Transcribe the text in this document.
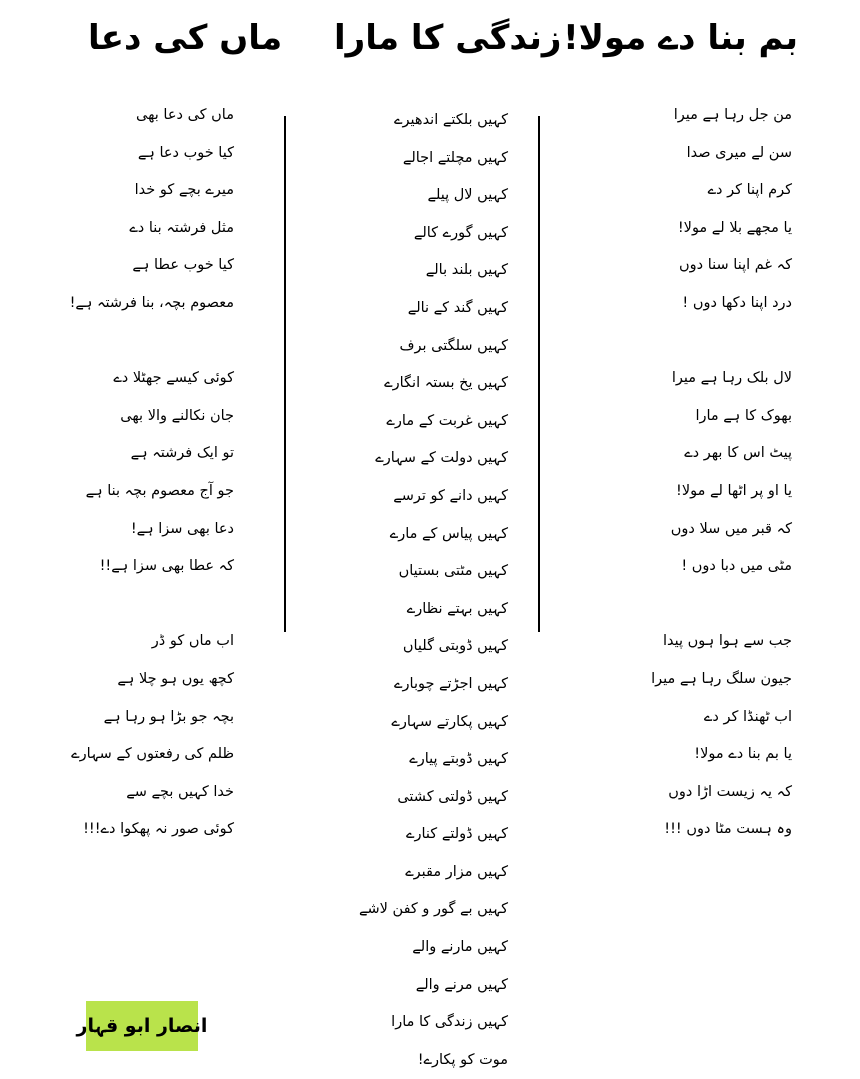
بم بنا دے مولا!
زندگی کا مارا
ماں کی دعا
من جل رہا ہے میرا
سن لے میری صدا
کرم اپنا کر دے
یا مجھے بلا لے مولا!
کہ غم اپنا سنا دوں
درد اپنا دکھا دوں !
لال بلک رہا ہے میرا
بھوک کا ہے مارا
پیٹ اس کا بھر دے
یا او پر اٹھا لے مولا!
کہ قبر میں سلا دوں
مٹی میں دبا دوں !
جب سے ہوا ہوں پیدا
جیون سلگ رہا ہے میرا
اب ٹھنڈا کر دے
یا بم بنا دے مولا!
کہ یہ زیست اڑا دوں
وہ ہست مٹا دوں !!!
کہیں بلکتے اندھیرے
کہیں مچلتے اجالے
کہیں لال پیلے
کہیں گورے کالے
کہیں بلند بالے
کہیں گند کے نالے
کہیں سلگتی برف
کہیں یخ بستہ انگارے
کہیں غربت کے مارے
کہیں دولت کے سہارے
کہیں دانے کو ترسے
کہیں پیاس کے مارے
کہیں مٹتی بستیاں
کہیں بہتے نظارے
کہیں ڈوبتی گلیاں
کہیں اجڑتے چوبارے
کہیں پکارتے سہارے
کہیں ڈوبتے پیارے
کہیں ڈولتی کشتی
کہیں ڈولتے کنارے
کہیں مزار مقبرے
کہیں بے گور و کفن لاشے
کہیں مارنے والے
کہیں مرنے والے
کہیں زندگی کا مارا
موت کو پکارے!
ماں کی دعا بھی
کیا خوب دعا ہے
میرے بچے کو خدا
مثل فرشتہ بنا دے
کیا خوب عطا ہے
معصوم بچہ، بنا فرشتہ ہے!
کوئی کیسے جھٹلا دے
جان نکالنے والا بھی
تو ایک فرشتہ ہے
جو آج معصوم بچہ بنا ہے
دعا بھی سزا ہے!
کہ عطا بھی سزا ہے!!
اب ماں کو ڈر
کچھ یوں ہو چلا ہے
بچہ جو بڑا ہو رہا ہے
ظلم کی رفعتوں کے سہارے
خدا کہیں بچے سے
کوئی صور نہ پھکوا دے!!!
انصار ابو قہار
